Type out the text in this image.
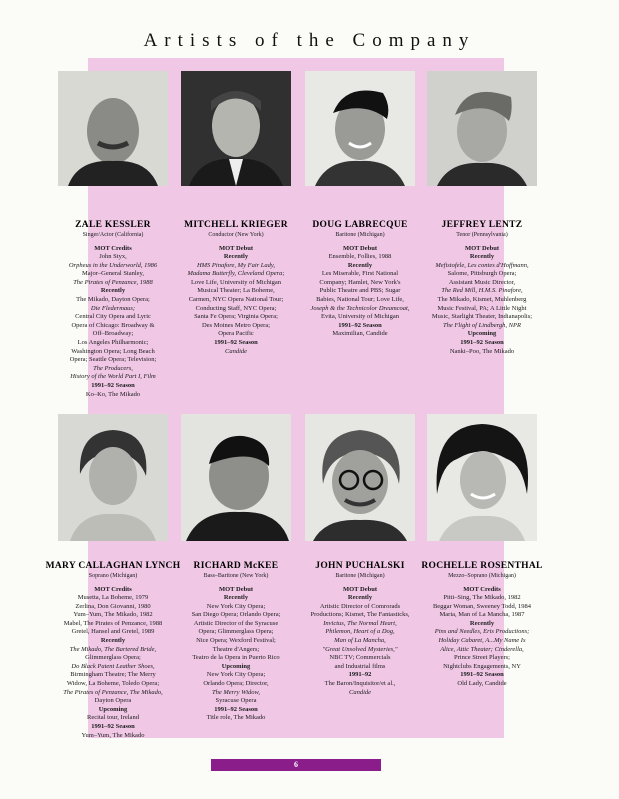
Artists of the Company
ZALE KESSLER
Singer/Actor (California)
MOT Credits
John Styx,
Orpheus in the Underworld, 1986
Major–General Stanley,
The Pirates of Penzance, 1988
Recently
The Mikado, Dayton Opera;
Die Fledermaus;
Central City Opera and Lyric
Opera of Chicago: Broadway &
Off–Broadway;
Los Angeles Philharmonic;
Washington Opera; Long Beach
Opera; Seattle Opera; Television;
The Producers,
History of the World Part I, Film
1991–92 Season
Ko–Ko, The Mikado
MITCHELL KRIEGER
Conductor (New York)
MOT Debut
Recently
HMS Pinafore, My Fair Lady,
Madama Butterfly, Cleveland Opera;
Love Life, University of Michigan
Musical Theater; La Boheme,
Carmen, NYC Opera National Tour;
Conducting Staff, NYC Opera;
Santa Fe Opera; Virginia Opera;
Des Moines Metro Opera;
Opera Pacific
1991–92 Season
Candide
DOUG LABRECQUE
Baritone (Michigan)
MOT Debut
Ensemble, Follies, 1988
Recently
Les Miserable, First National
Company; Hamlet, New York's
Public Theatre and PBS; Sugar
Babies, National Tour; Love Life,
Joseph & the Technicolor Dreamcoat,
Evita, University of Michigan
1991–92 Season
Maximilian, Candide
JEFFREY LENTZ
Tenor (Pennsylvania)
MOT Debut
Recently
Mefistofele, Les contes d'Hoffmann,
Salome, Pittsburgh Opera;
Assistant Music Director,
The Red Mill, H.M.S. Pinafore,
The Mikado, Kismet, Muhlenberg
Music Festival, PA; A Little Night
Music, Starlight Theater, Indianapolis;
The Flight of Lindbergh, NPR
Upcoming
1991–92 Season
Nanki–Poo, The Mikado
MARY CALLAGHAN LYNCH
Soprano (Michigan)
MOT Credits
Musetta, La Boheme, 1979
Zerlina, Don Giovanni, 1980
Yum–Yum, The Mikado, 1982
Mabel, The Pirates of Penzance, 1988
Gretel, Hansel and Gretel, 1989
Recently
The Mikado, The Bartered Bride,
Glimmerglass Opera;
Do Black Patent Leather Shoes,
Birmingham Theatre; The Merry
Widow, La Boheme, Toledo Opera;
The Pirates of Penzance, The Mikado,
Dayton Opera
Upcoming
Recital tour, Ireland
1991–92 Season
Yum–Yum, The Mikado
RICHARD McKEE
Bass–Baritone (New York)
MOT Debut
Recently
New York City Opera;
San Diego Opera; Orlando Opera;
Artistic Director of the Syracuse
Opera; Glimmerglass Opera;
Nice Opera; Wexford Festival;
Theatre d'Angers;
Teatro de la Opera in Puerto Rico
Upcoming
New York City Opera;
Orlando Opera; Director,
The Merry Widow,
Syracuse Opera
1991–92 Season
Title role, The Mikado
JOHN PUCHALSKI
Baritone (Michigan)
MOT Debut
Recently
Artistic Director of Comrorads
Productions; Kismet, The Fantasticks,
Invictus, The Normal Heart,
Philemon, Heart of a Dog,
Man of La Mancha,
"Great Unsolved Mysteries,"
NBC TV; Commercials
and Industrial films
1991–92
The Baron/Inquisitor/et al.,
Candide
ROCHELLE ROSENTHAL
Mezzo–Soprano (Michigan)
MOT Credits
Pitti–Sing, The Mikado, 1982
Beggar Woman, Sweeney Todd, 1984
Maria, Man of La Mancha, 1987
Recently
Pins and Needles, Eris Productions;
Holiday Cabaret, A...My Name Is
Alice, Attic Theater; Cinderella,
Prince Street Players;
Nightclubs Engagements, NY
1991–92 Season
Old Lady, Candide
6
